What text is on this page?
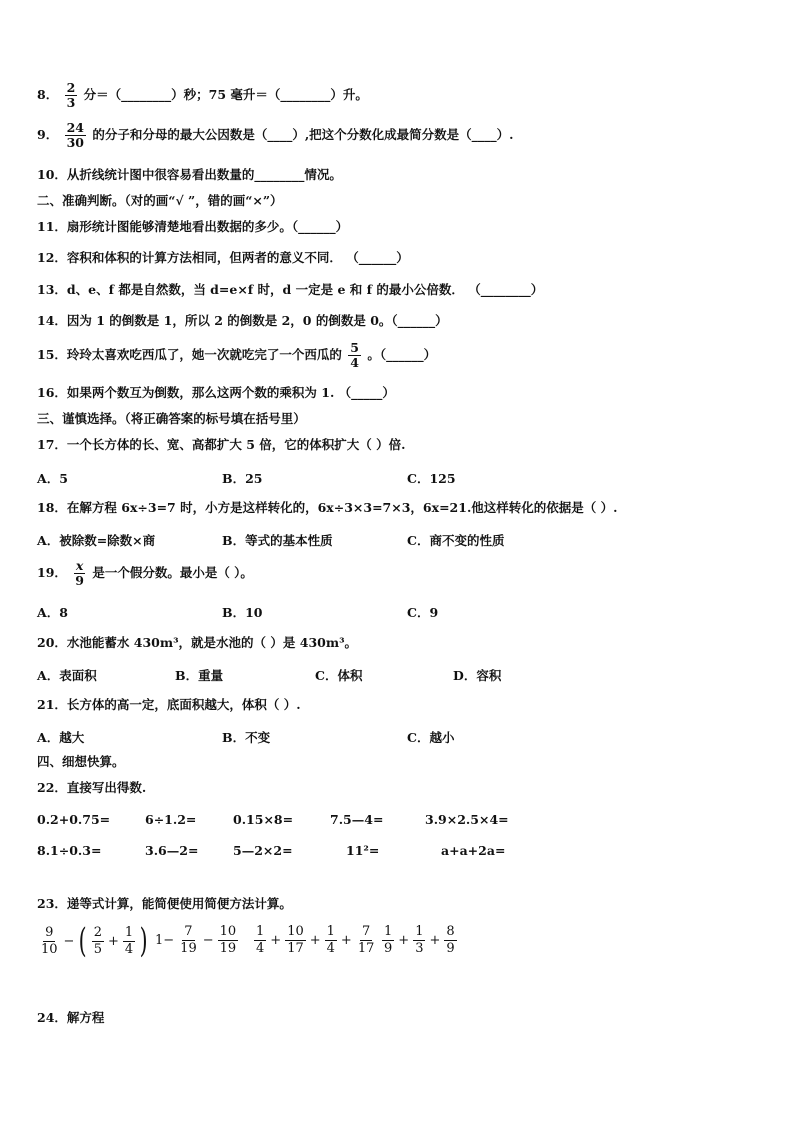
8． $\frac{2}{3}$ 分＝（________）秒；75 毫升＝（________）升。
9． $\frac{24}{30}$ 的分子和分母的最大公因数是（____）,把这个分数化成最简分数是（____）.
10．从折线统计图中很容易看出数量的________情况。
二、准确判断。（对的画“√ ”，错的画“×”）
11．扇形统计图能够清楚地看出数据的多少。（______）
12．容积和体积的计算方法相同，但两者的意义不同． （______）
13．d、e、f 都是自然数，当 d=e×f 时，d 一定是 e 和 f 的最小公倍数． （________）
14．因为 1 的倒数是 1，所以 2 的倒数是 2，0 的倒数是 0。（______）
15．玲玲太喜欢吃西瓜了，她一次就吃完了一个西瓜的 $\frac{5}{4}$ 。（______）
16．如果两个数互为倒数，那么这两个数的乘积为 1. （_____）
三、谨慎选择。（将正确答案的标号填在括号里）
17．一个长方体的长、宽、高都扩大 5 倍，它的体积扩大（ ）倍.
A．5	B．25	C．125
18．在解方程 6x÷3=7 时，小方是这样转化的，6x÷3×3=7×3，6x=21.他这样转化的依据是（ ）.
A．被除数=除数×商	B．等式的基本性质	C．商不变的性质
19． $\frac{x}{9}$ 是一个假分数。最小是（ ）。
A．8	B．10	C．9
20．水池能蓄水 430m³，就是水池的（ ）是 430m³。
A．表面积	B．重量	C．体积	D．容积
21．长方体的高一定，底面积越大，体积（ ）.
A．越大	B．不变	C．越小
四、细想快算。
22．直接写出得数.
0.2+0.75=	6÷1.2=	0.15×8=	7.5—4=	3.9×2.5×4=
8.1÷0.3=	3.6—2=	5—2×2=	11²=	a+a+2a=
23．递等式计算，能简便使用简便方法计算。
$\frac{9}{10}$ − ( $\frac{2}{5} + \frac{1}{4}$ ) $1- \frac{7}{19} - \frac{10}{19} \frac{1}{4} + \frac{10}{17} + \frac{1}{4} + \frac{7}{17} \frac{1}{9} + \frac{1}{3} + \frac{8}{9}$
24．解方程
